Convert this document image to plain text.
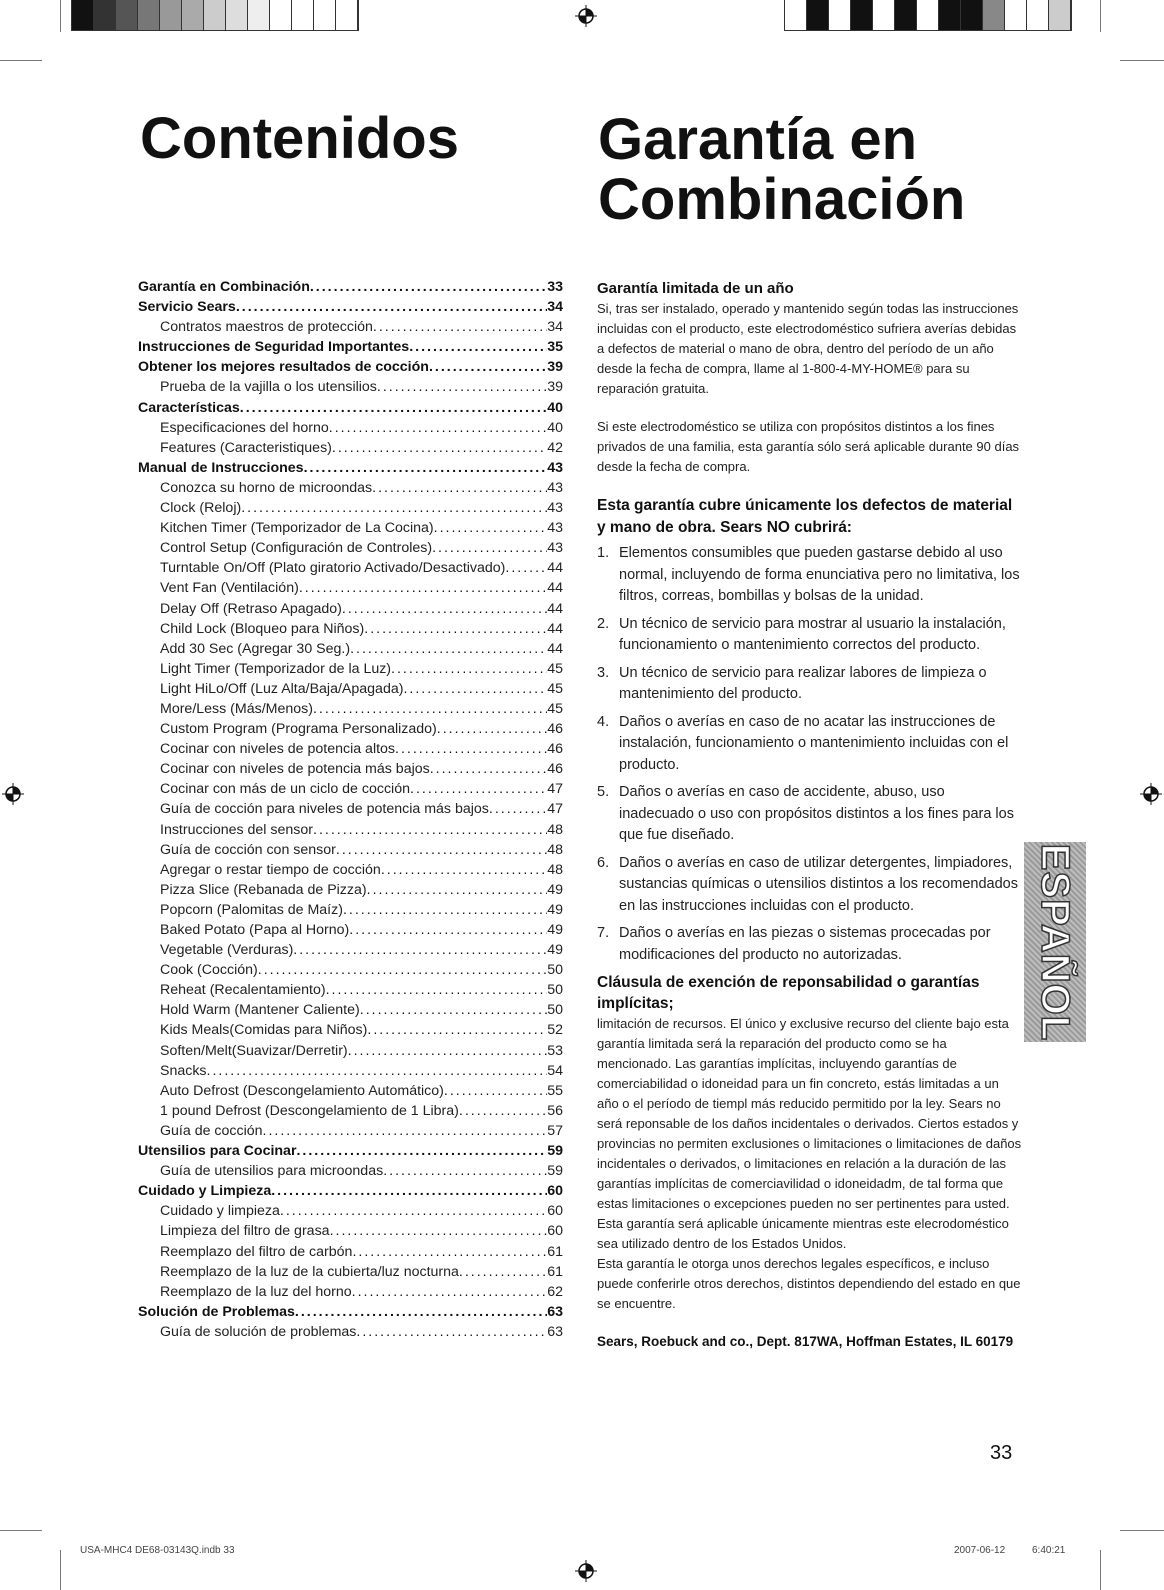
Contenidos Garantía en
Combinación
Garantía en Combinación .....	33
Servicio Sears .....	34
Contratos maestros de protección .....	34
Instrucciones de Seguridad Importantes .....	35
Obtener los mejores resultados de cocción .....	39
Prueba de la vajilla o los utensilios .....	39
Características .....	40
Especificaciones del horno .....	40
Features (Caracteristiques) .....	42
Manual de Instrucciones .....	43
Conozca su horno de microondas .....	43
Clock (Reloj) .....	43
Kitchen Timer (Temporizador de La Cocina) .....	43
Control Setup (Configuración de Controles) .....	43
Turntable On/Off (Plato giratorio Activado/Desactivado) .....	44
Vent Fan (Ventilación) .....	44
Delay Off (Retraso Apagado) .....	44
Child Lock (Bloqueo para Niños) .....	44
Add 30 Sec (Agregar 30 Seg.) .....	44
Light Timer (Temporizador de la Luz) .....	45
Light HiLo/Off (Luz Alta/Baja/Apagada) .....	45
More/Less (Más/Menos) .....	45
Custom Program (Programa Personalizado) .....	46
Cocinar con niveles de potencia altos .....	46
Cocinar con niveles de potencia más bajos .....	46
Cocinar con más de un ciclo de cocción .....	47
Guía de cocción para niveles de potencia más bajos .....	47
Instrucciones del sensor .....	48
Guía de cocción con sensor .....	48
Agregar o restar tiempo de cocción .....	48
Pizza Slice (Rebanada de Pizza) .....	49
Popcorn (Palomitas de Maíz) .....	49
Baked Potato (Papa al Horno) .....	49
Vegetable (Verduras) .....	49
Cook (Cocción) .....	50
Reheat (Recalentamiento) .....	50
Hold Warm (Mantener Caliente) .....	50
Kids Meals(Comidas para Niños) .....	52
Soften/Melt(Suavizar/Derretir) .....	53
Snacks .....	54
Auto Defrost (Descongelamiento Automático) .....	55
1 pound Defrost (Descongelamiento de 1 Libra) .....	56
Guía de cocción .....	57
Utensilios para Cocinar .....	59
Guía de utensilios para microondas .....	59
Cuidado y Limpieza .....	60
Cuidado y limpieza .....	60
Limpieza del filtro de grasa .....	60
Reemplazo del filtro de carbón .....	61
Reemplazo de la luz de la cubierta/luz nocturna .....	61
Reemplazo de la luz del horno .....	62
Solución de Problemas .....	63
Guía de solución de problemas .....	63
Garantía limitada de un año

Si, tras ser instalado, operado y mantenido según todas las instrucciones incluidas con el producto, este electrodoméstico sufriera averías debidas a defectos de material o mano de obra, dentro del período de un año desde la fecha de compra, llame al 1-800-4-MY-HOME® para su reparación gratuita.

Si este electrodoméstico se utiliza con propósitos distintos a los fines privados de una familia, esta garantía sólo será aplicable durante 90 días desde la fecha de compra.

Esta garantía cubre únicamente los defectos de material y mano de obra. Sears NO cubrirá:
1. Elementos consumibles que pueden gastarse debido al uso normal, incluyendo de forma enunciativa pero no limitativa, los filtros, correas, bombillas y bolsas de la unidad.
2. Un técnico de servicio para mostrar al usuario la instalación, funcionamiento o mantenimiento correctos del producto.
3. Un técnico de servicio para realizar labores de limpieza o mantenimiento del producto.
4. Daños o averías en caso de no acatar las instrucciones de instalación, funcionamiento o mantenimiento incluidas con el producto.
5. Daños o averías en caso de accidente, abuso, uso inadecuado o uso con propósitos distintos a los fines para los que fue diseñado.
6. Daños o averías en caso de utilizar detergentes, limpiadores, sustancias químicas o utensilios distintos a los recomendados en las instrucciones incluidas con el producto.
7. Daños o averías en las piezas o sistemas procecadas por modificaciones del producto no autorizadas.
Cláusula de exención de reponsabilidad o garantías implícitas;

limitación de recursos. El único y exclusive recurso del cliente bajo esta garantía limitada será la reparación del producto como se ha mencionado. Las garantías implícitas, incluyendo garantías de comerciabilidad o idoneidad para un fin concreto, estás limitadas a un año o el período de tiempl más reducido permitido por la ley. Sears no será reponsable de los daños incidentales o derivados. Ciertos estados y provincias no permiten exclusiones o limitaciones o limitaciones de daños incidentales o derivados, o limitaciones en relación a la duración de las garantías implícitas de comerciavilidad o idoneidadm, de tal forma que estas limitaciones o excepciones pueden no ser pertinentes para usted.

Esta garantía será aplicable únicamente mientras este elecrodoméstico sea utilizado dentro de los Estados Unidos.

Esta garantía le otorga unos derechos legales específicos, e incluso puede conferirle otros derechos, distintos dependiendo del estado en que se encuentre.

Sears, Roebuck and co., Dept. 817WA, Hoffman Estates, IL 60179
ESPAÑOL
33
USA-MHC4 DE68-03143Q.indb 33	2007-06-12	6:40:21
